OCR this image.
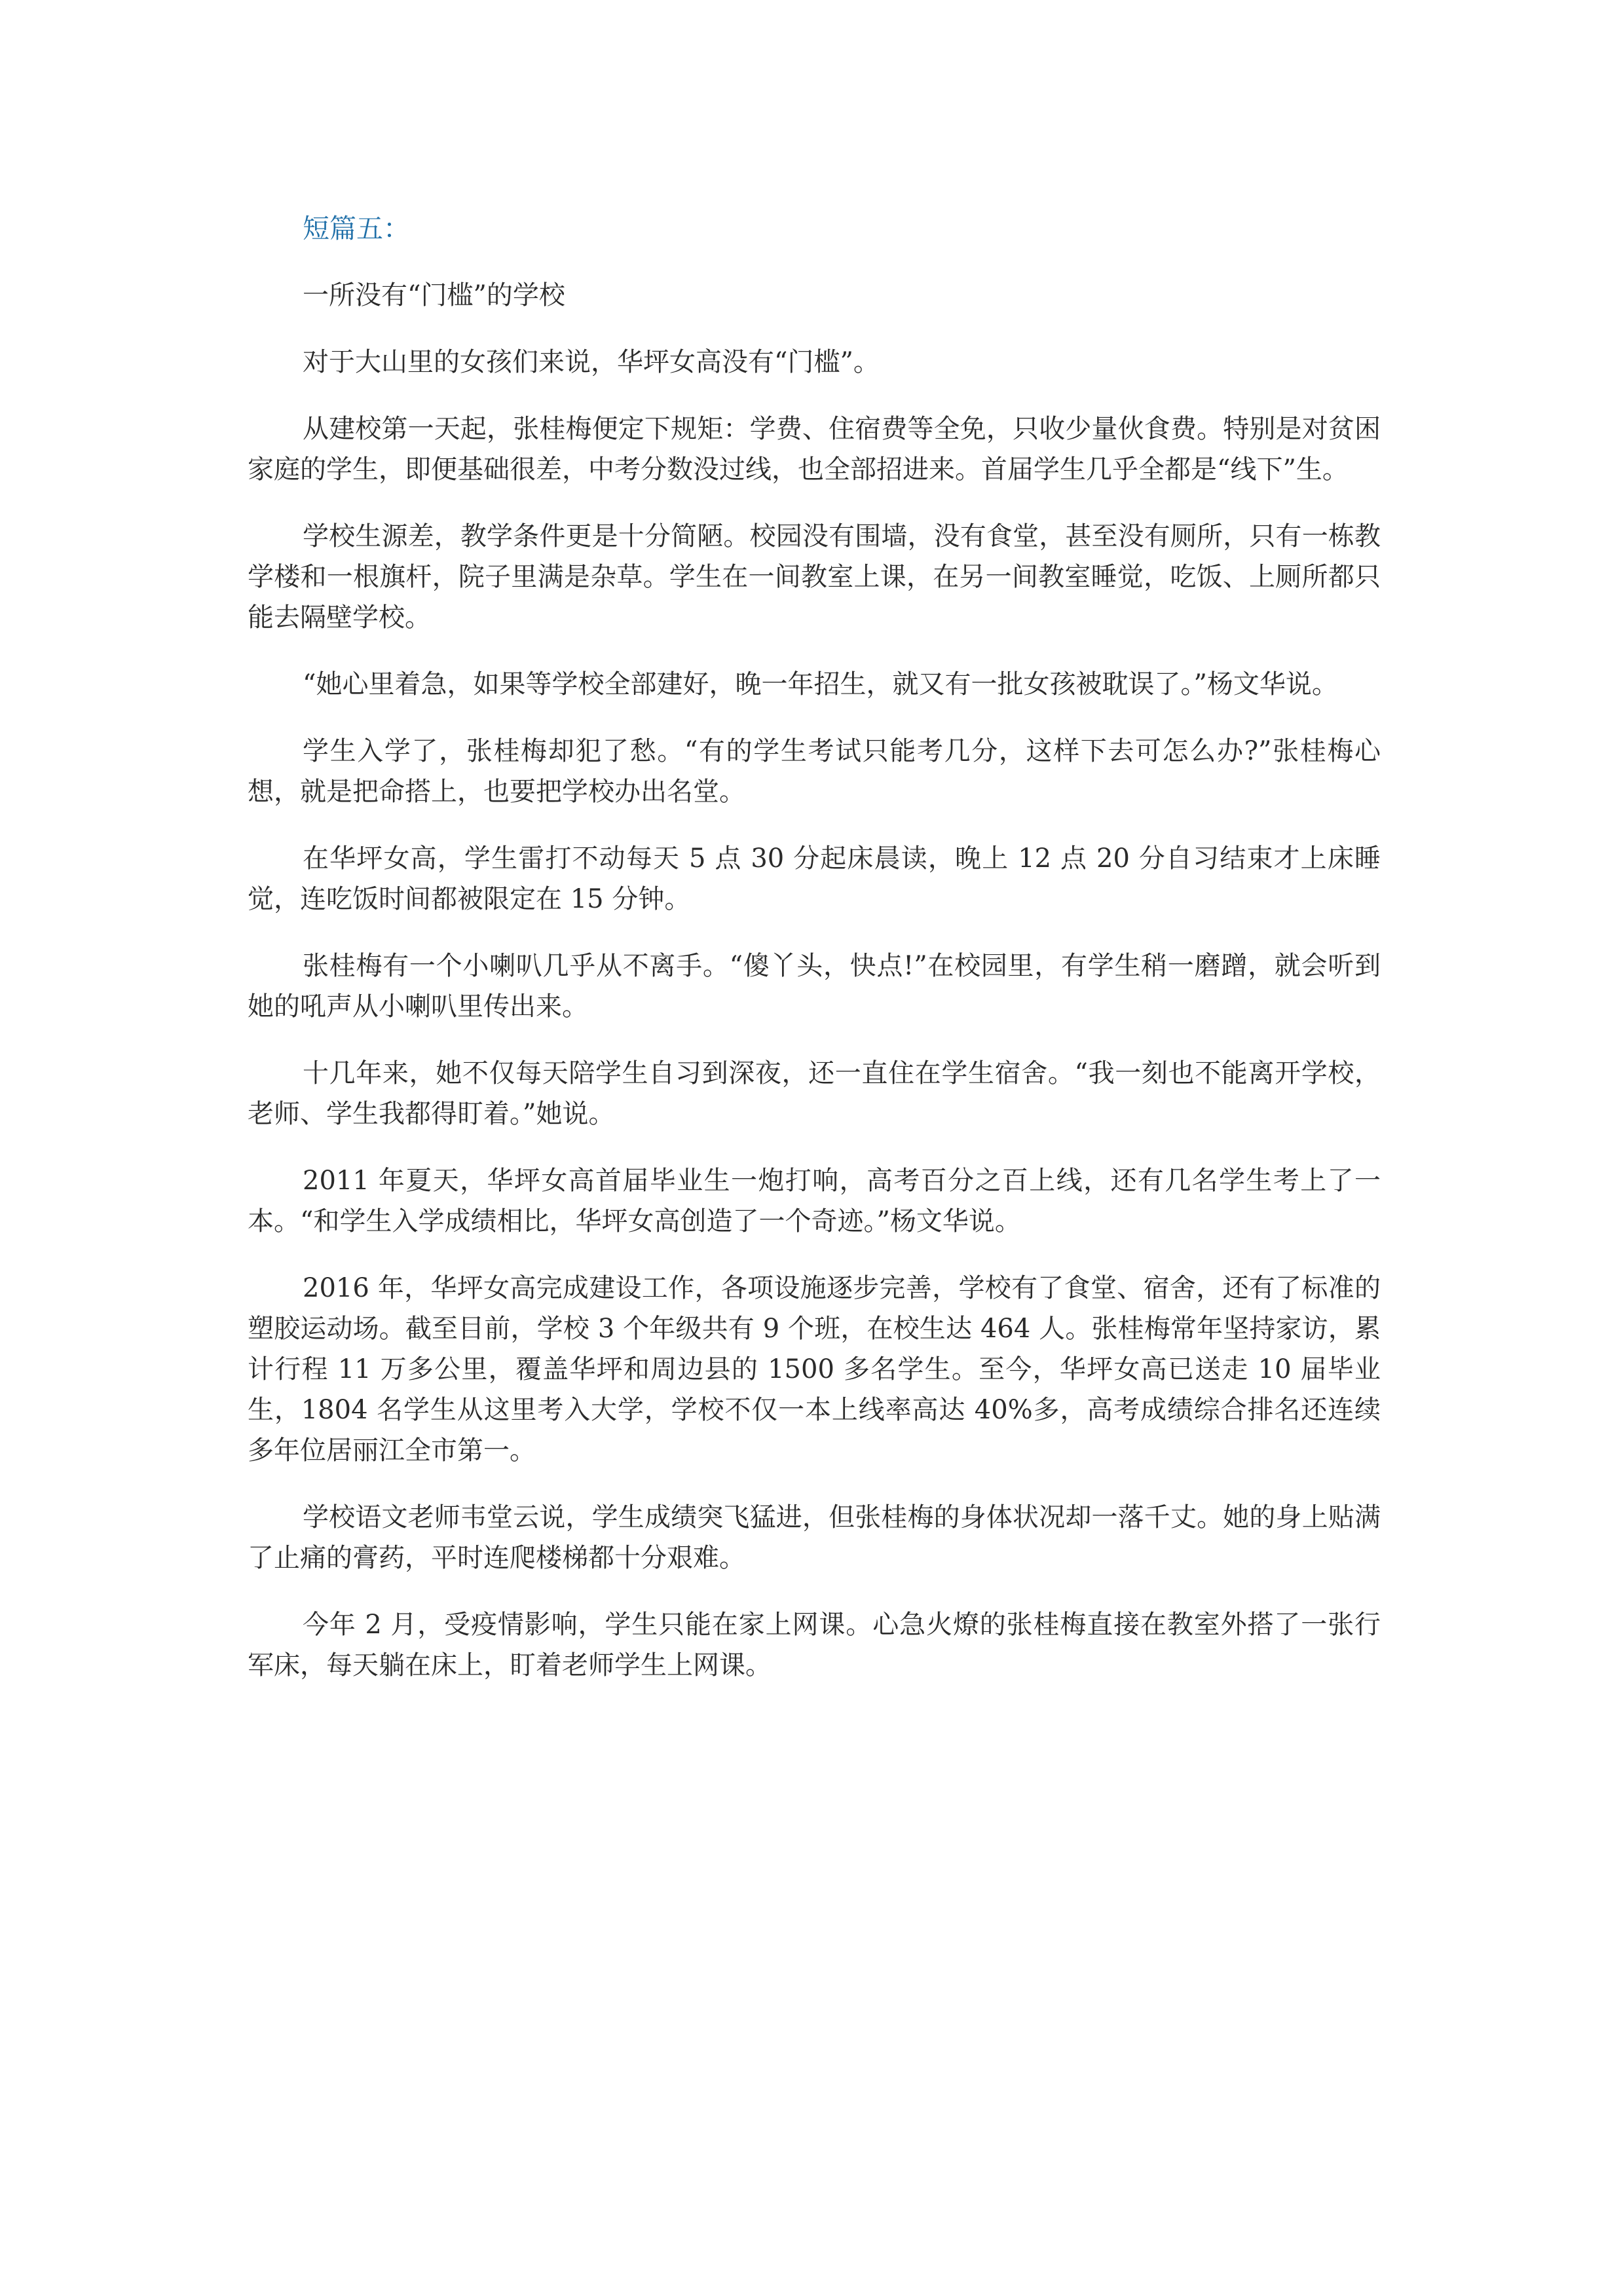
短篇五：
一所没有“门槛”的学校

对于大山里的女孩们来说，华坪女高没有“门槛”。

从建校第一天起，张桂梅便定下规矩：学费、住宿费等全免，只收少量伙食费。特别是对贫困家庭的学生，即便基础很差，中考分数没过线，也全部招进来。首届学生几乎全都是“线下”生。

学校生源差，教学条件更是十分简陋。校园没有围墙，没有食堂，甚至没有厕所，只有一栋教学楼和一根旗杆，院子里满是杂草。学生在一间教室上课，在另一间教室睡觉，吃饭、上厕所都只能去隔壁学校。

“她心里着急，如果等学校全部建好，晚一年招生，就又有一批女孩被耽误了。”杨文华说。

学生入学了，张桂梅却犯了愁。“有的学生考试只能考几分，这样下去可怎么办?”张桂梅心想，就是把命搭上，也要把学校办出名堂。

在华坪女高，学生雷打不动每天 5 点 30 分起床晨读，晚上 12 点 20 分自习结束才上床睡觉，连吃饭时间都被限定在 15 分钟。

张桂梅有一个小喇叭几乎从不离手。“傻丫头，快点!”在校园里，有学生稍一磨蹭，就会听到她的吼声从小喇叭里传出来。

十几年来，她不仅每天陪学生自习到深夜，还一直住在学生宿舍。“我一刻也不能离开学校，老师、学生我都得盯着。”她说。

2011 年夏天，华坪女高首届毕业生一炮打响，高考百分之百上线，还有几名学生考上了一本。“和学生入学成绩相比，华坪女高创造了一个奇迹。”杨文华说。

2016 年，华坪女高完成建设工作，各项设施逐步完善，学校有了食堂、宿舍，还有了标准的塑胶运动场。截至目前，学校 3 个年级共有 9 个班，在校生达 464 人。张桂梅常年坚持家访，累计行程 11 万多公里，覆盖华坪和周边县的 1500 多名学生。至今，华坪女高已送走 10 届毕业生，1804 名学生从这里考入大学，学校不仅一本上线率高达 40%多，高考成绩综合排名还连续多年位居丽江全市第一。

学校语文老师韦堂云说，学生成绩突飞猛进，但张桂梅的身体状况却一落千丈。她的身上贴满了止痛的膏药，平时连爬楼梯都十分艰难。

今年 2 月，受疫情影响，学生只能在家上网课。心急火燎的张桂梅直接在教室外搭了一张行军床，每天躺在床上，盯着老师学生上网课。
